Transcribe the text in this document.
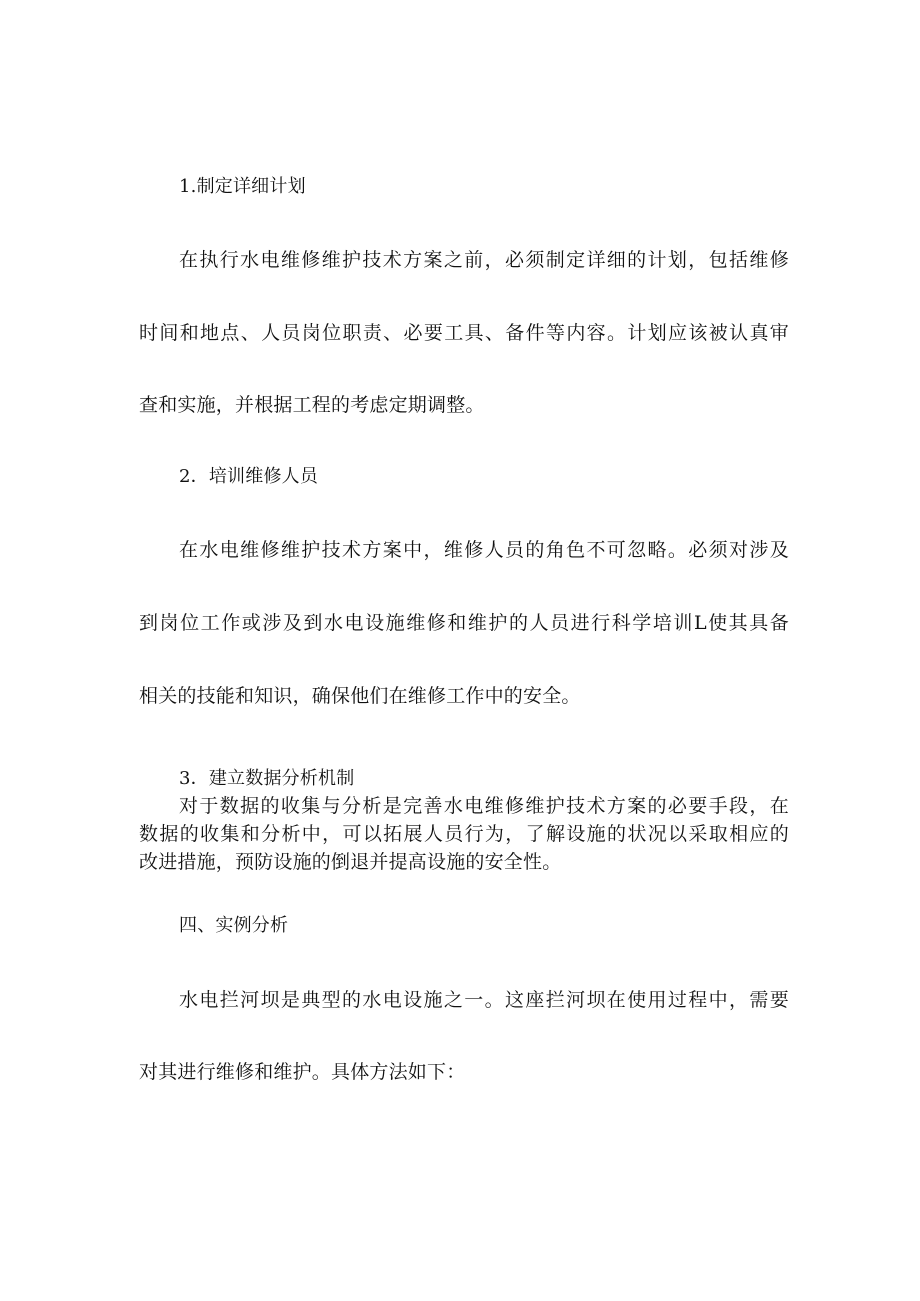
1.制定详细计划
在执行水电维修维护技术方案之前，必须制定详细的计划，包括维修
时间和地点、人员岗位职责、必要工具、备件等内容。计划应该被认真审
查和实施，并根据工程的考虑定期调整。
2．培训维修人员
在水电维修维护技术方案中，维修人员的角色不可忽略。必须对涉及
到岗位工作或涉及到水电设施维修和维护的人员进行科学培训L使其具备
相关的技能和知识，确保他们在维修工作中的安全。
3．建立数据分析机制
对于数据的收集与分析是完善水电维修维护技术方案的必要手段，在
数据的收集和分析中，可以拓展人员行为，了解设施的状况以采取相应的
改进措施，预防设施的倒退并提高设施的安全性。
四、实例分析
水电拦河坝是典型的水电设施之一。这座拦河坝在使用过程中，需要
对其进行维修和维护。具体方法如下：
